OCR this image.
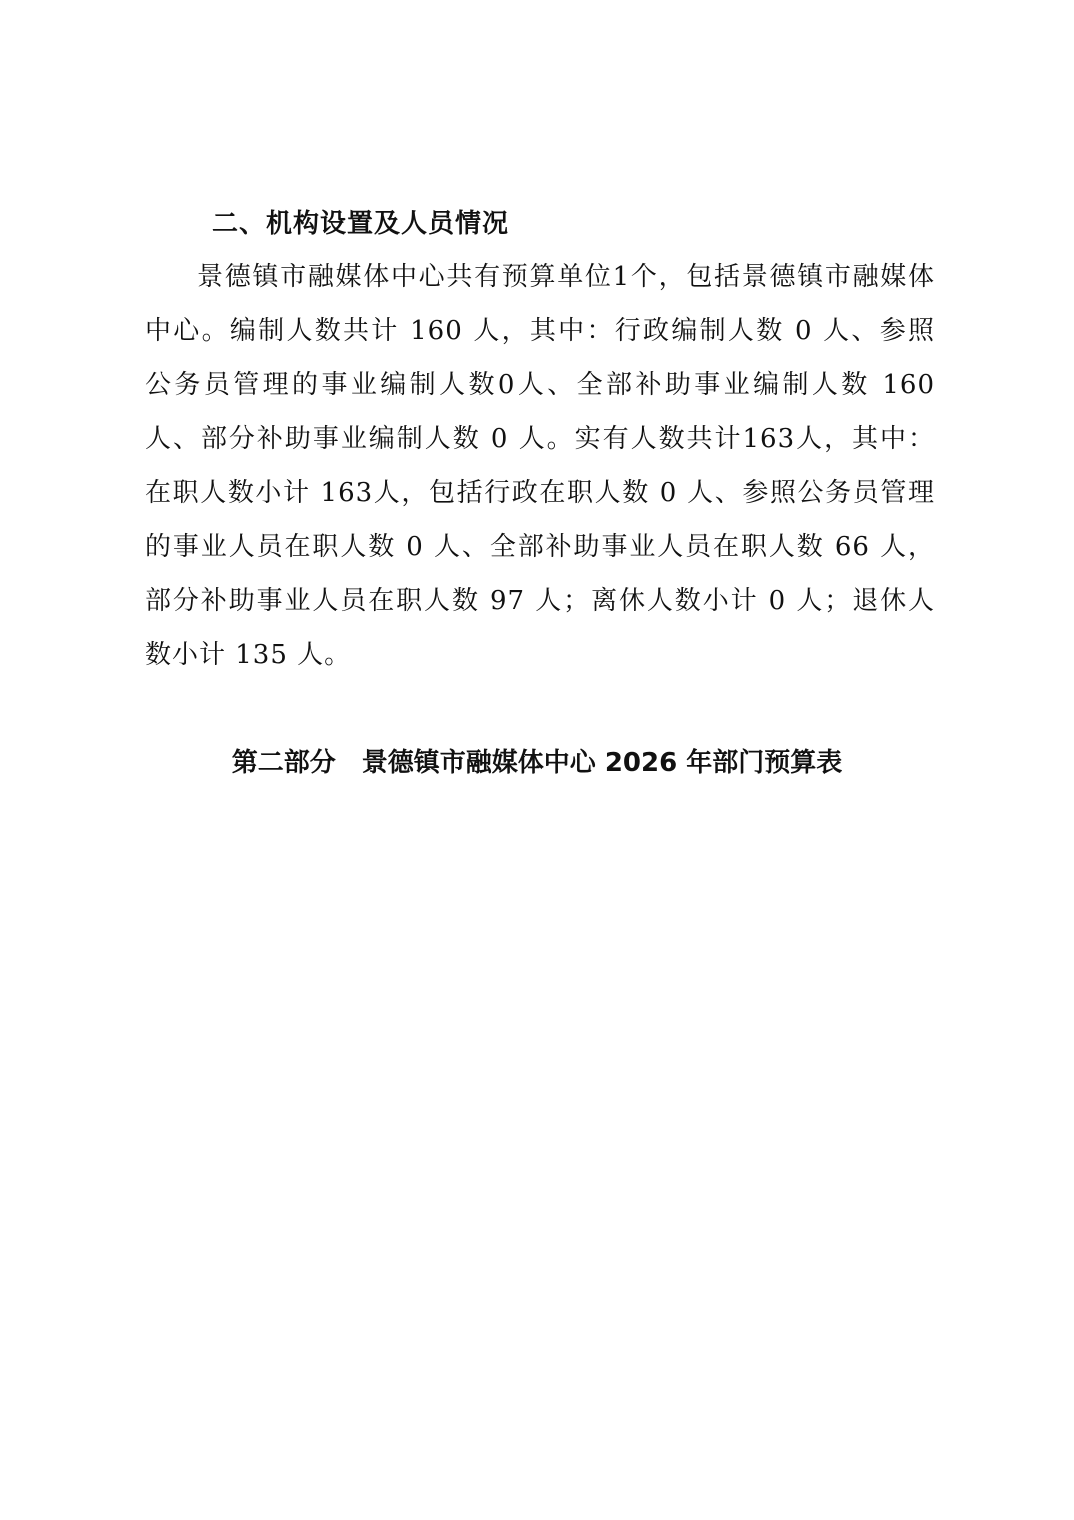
二、机构设置及人员情况

景德镇市融媒体中心共有预算单位1个，包括景德镇市融媒体中心。编制人数共计 160 人，其中：行政编制人数 0 人、参照 公务员管理的事业编制人数0人、全部补助事业编制人数 160 人、部分补助事业编制人数 0 人。实有人数共计163人，其中：在职人数小计 163人，包括行政在职人数 0 人、参照公务员管理的事业人员在职人数 0 人、全部补助事业人员在职人数 66 人，部分补助事业人员在职人数 97 人；离休人数小计 0 人；退休人数小计 135 人。

第二部分　景德镇市融媒体中心 2026 年部门预算表
